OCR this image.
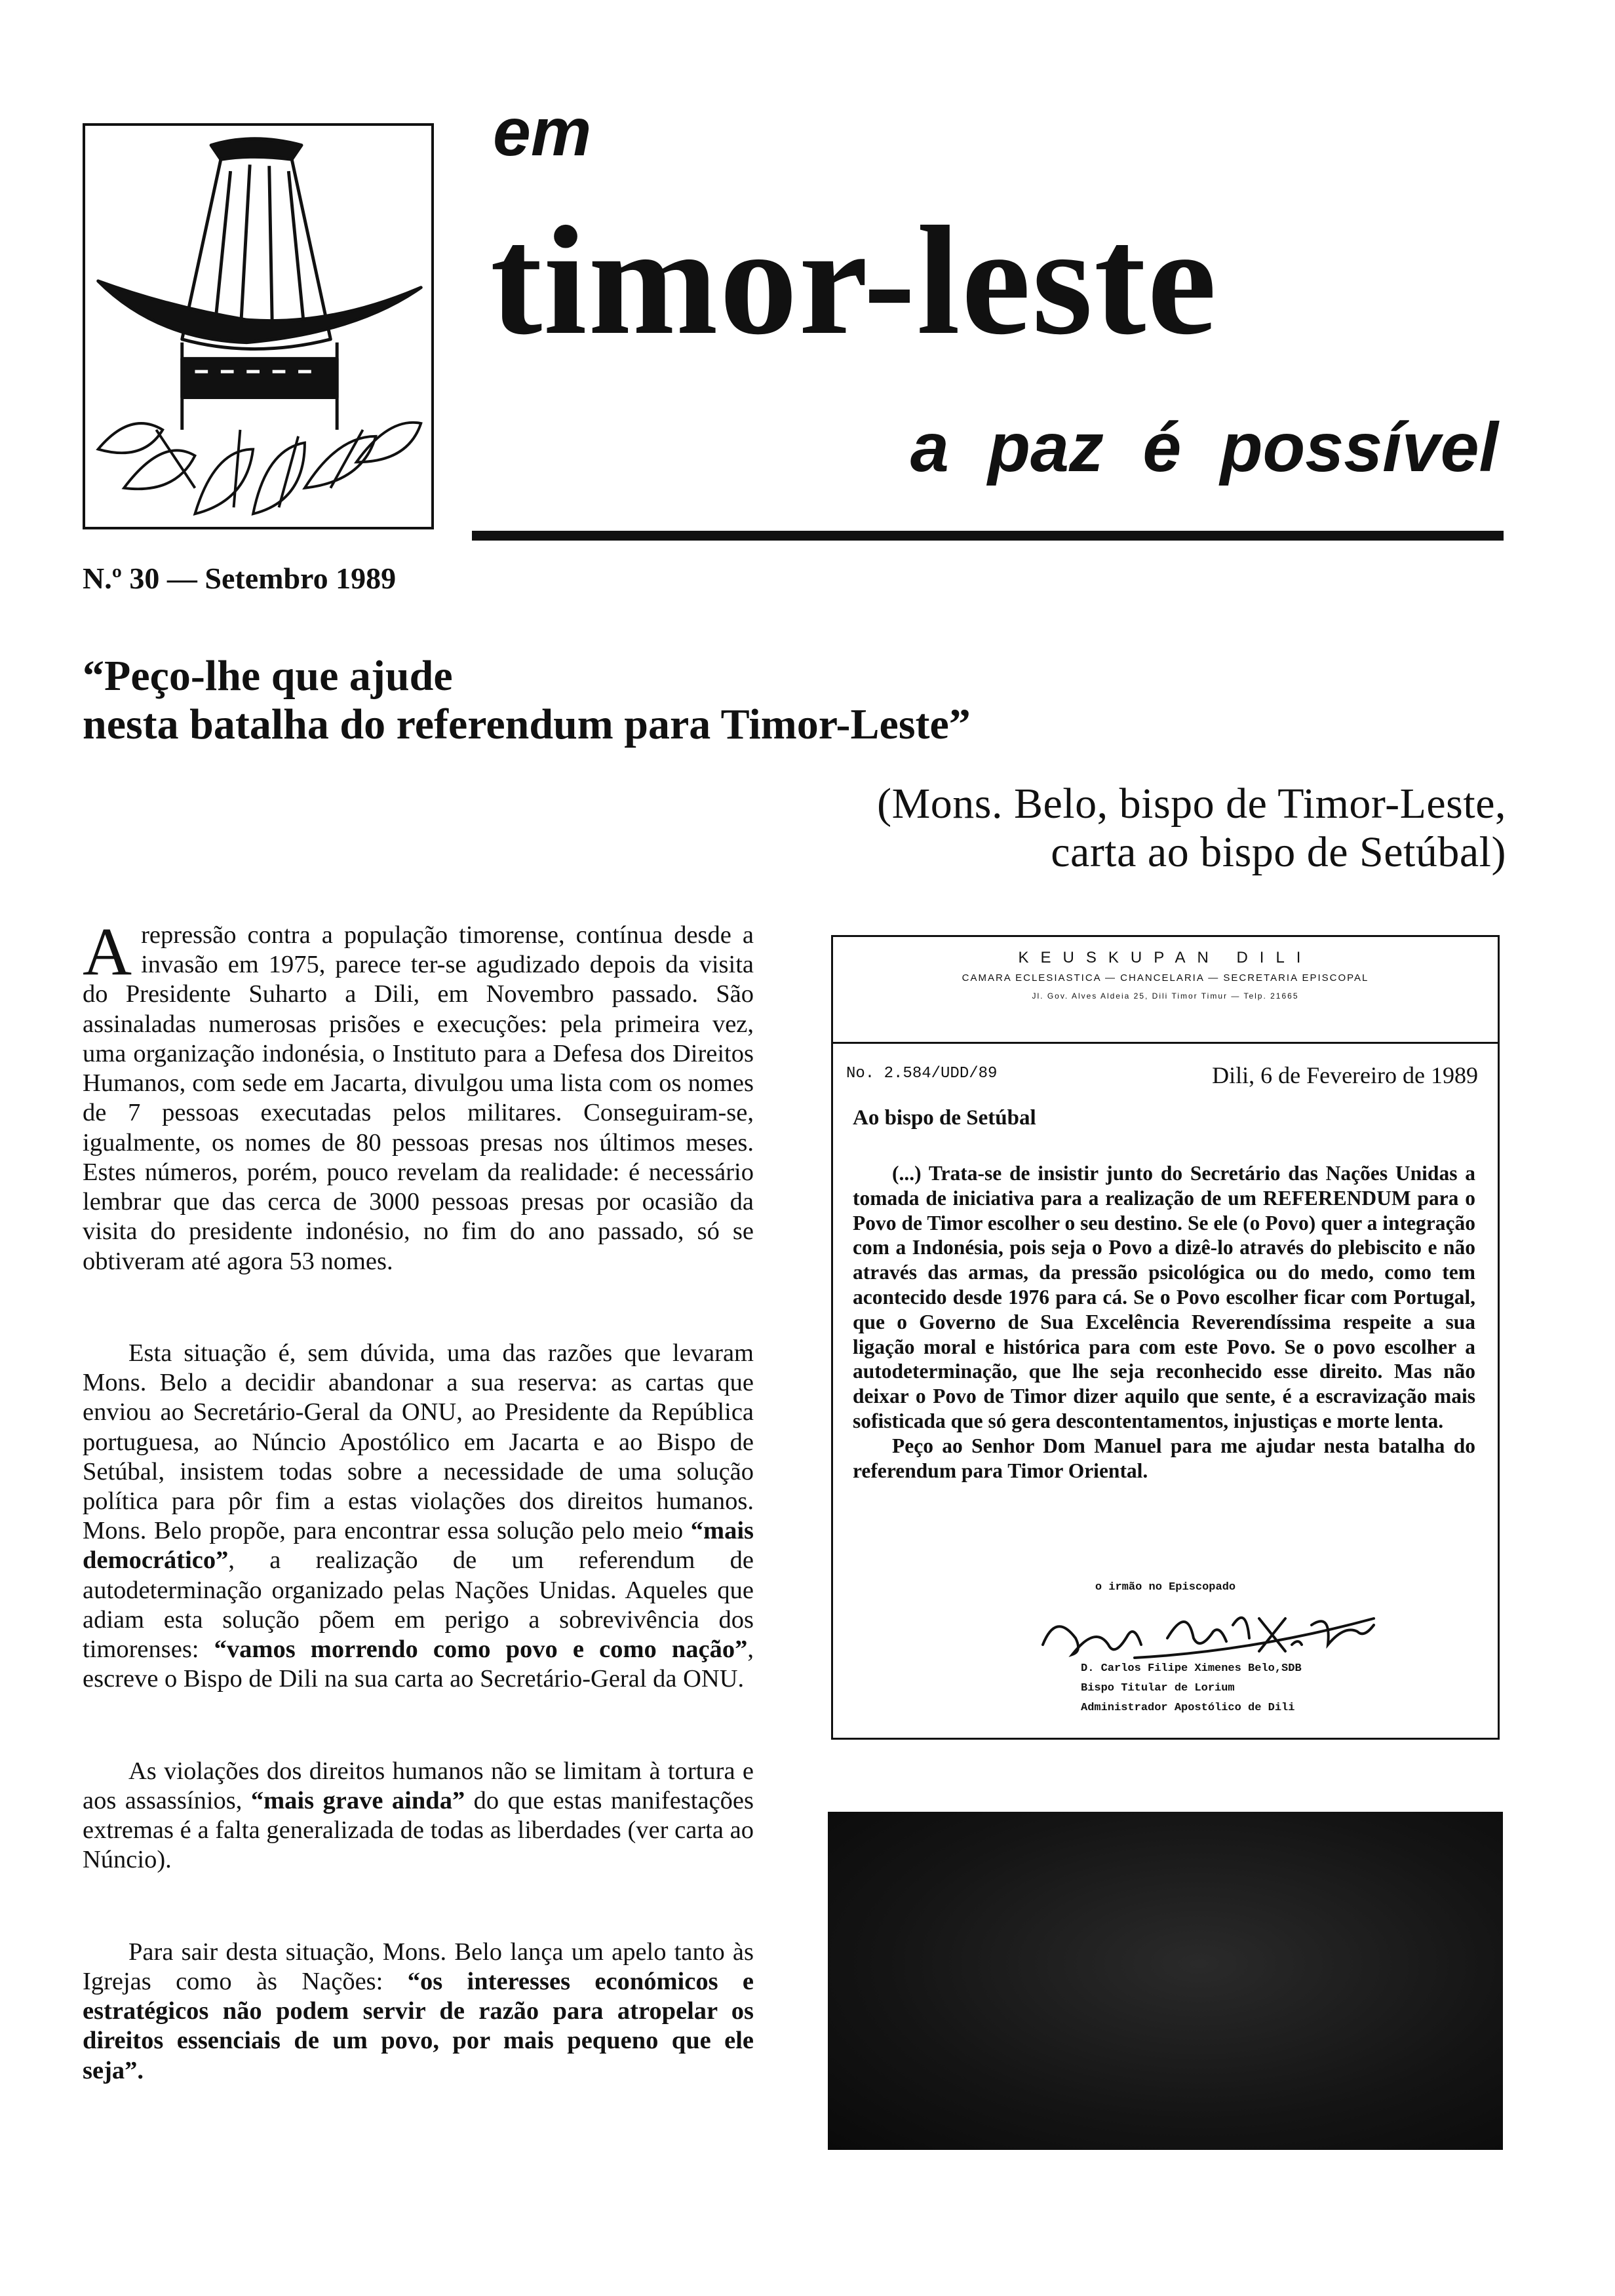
em
timor-leste
a paz é possível
N.º 30 — Setembro 1989
“Peço-lhe que ajude
nesta batalha do referendum para Timor-Leste”
(Mons. Belo, bispo de Timor-Leste,
carta ao bispo de Setúbal)

Arepressão contra a população timorense, contínua desde a invasão em 1975, parece ter-se agudizado depois da visita do Presidente Suharto a Dili, em Novembro passado. São assinaladas numerosas prisões e execuções: pela primeira vez, uma organização indonésia, o Instituto para a Defesa dos Direitos Humanos, com sede em Jacarta, divulgou uma lista com os nomes de 7 pessoas executadas pelos militares. Conseguiram-se, igualmente, os nomes de 80 pessoas presas nos últimos meses. Estes números, porém, pouco revelam da realidade: é necessário lembrar que das cerca de 3000 pessoas presas por ocasião da visita do presidente indonésio, no fim do ano passado, só se obtiveram até agora 53 nomes.

Esta situação é, sem dúvida, uma das razões que levaram Mons. Belo a decidir abandonar a sua reserva: as cartas que enviou ao Secretário-Geral da ONU, ao Presidente da República portuguesa, ao Núncio Apostólico em Jacarta e ao Bispo de Setúbal, insistem todas sobre a necessidade de uma solução política para pôr fim a estas violações dos direitos humanos. Mons. Belo propõe, para encontrar essa solução pelo meio “mais democrático”, a realização de um referendum de autodeterminação organizado pelas Nações Unidas. Aqueles que adiam esta solução põem em perigo a sobrevivência dos timorenses: “vamos morrendo como povo e como nação”, escreve o Bispo de Dili na sua carta ao Secretário-Geral da ONU.

As violações dos direitos humanos não se limitam à tortura e aos assassínios, “mais grave ainda” do que estas manifestações extremas é a falta generalizada de todas as liberdades (ver carta ao Núncio).

Para sair desta situação, Mons. Belo lança um apelo tanto às Igrejas como às Nações: “os interesses económicos e estratégicos não podem servir de razão para atropelar os direitos essenciais de um povo, por mais pequeno que ele seja”.

KEUSKUPAN DILI
CAMARA ECLESIASTICA — CHANCELARIA — SECRETARIA EPISCOPAL
Jl. Gov. Alves Aldeia 25, Dili Timor Timur — Telp. 21665
No. 2.584/UDD/89	Dili, 6 de Fevereiro de 1989
Ao bispo de Setúbal

(...) Trata-se de insistir junto do Secretário das Nações Unidas a tomada de iniciativa para a realização de um REFERENDUM para o Povo de Timor escolher o seu destino. Se ele (o Povo) quer a integração com a Indonésia, pois seja o Povo a dizê-lo através do plebiscito e não através das armas, da pressão psicológica ou do medo, como tem acontecido desde 1976 para cá. Se o Povo escolher ficar com Portugal, que o Governo de Sua Excelência Reverendíssima respeite a sua ligação moral e histórica para com este Povo. Se o povo escolher a autodeterminação, que lhe seja reconhecido esse direito. Mas não deixar o Povo de Timor dizer aquilo que sente, é a escravização mais sofisticada que só gera descontentamentos, injustiças e morte lenta.

Peço ao Senhor Dom Manuel para me ajudar nesta batalha do referendum para Timor Oriental.

o irmão no Episcopado
D. Carlos Filipe Ximenes Belo,SDB
Bispo Titular de Lorium
Administrador Apostólico de Dili
